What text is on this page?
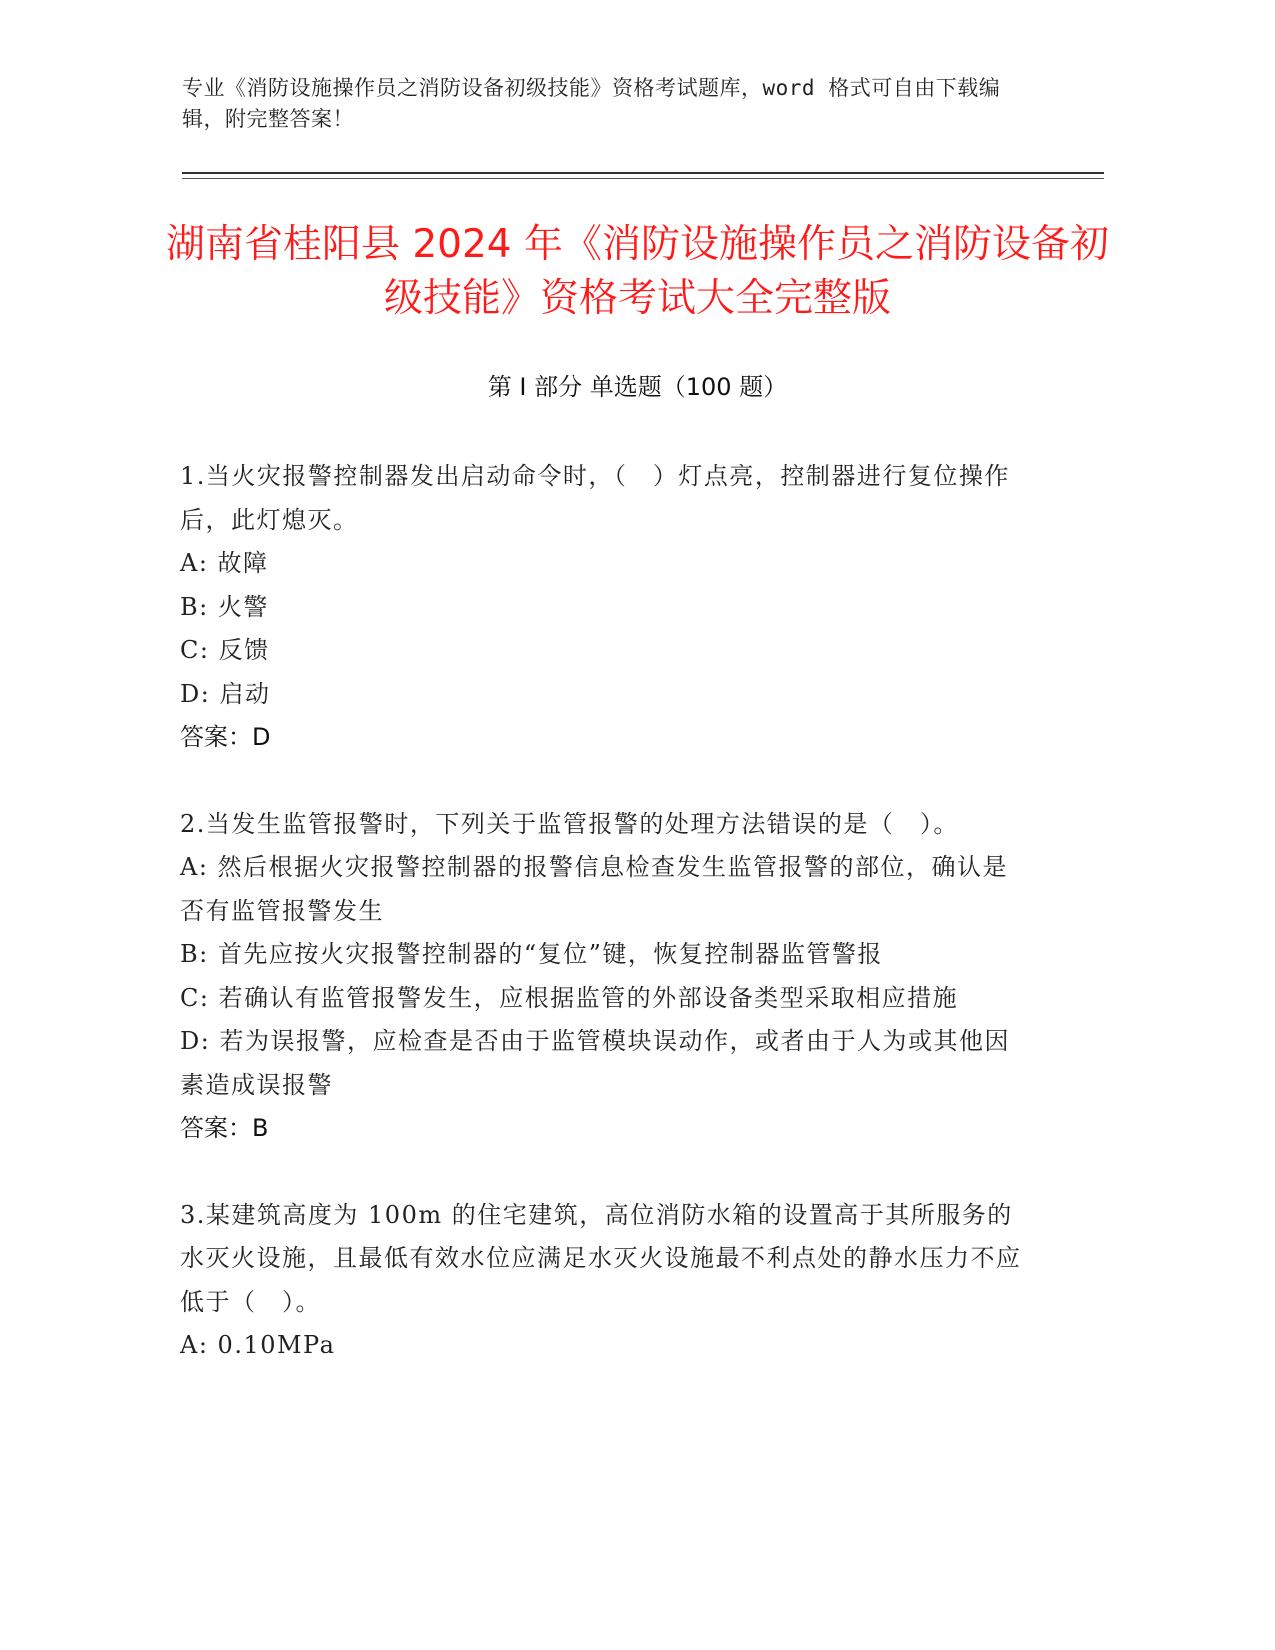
专业《消防设施操作员之消防设备初级技能》资格考试题库，word 格式可自由下载编辑，附完整答案！
湖南省桂阳县 2024 年《消防设施操作员之消防设备初级技能》资格考试大全完整版
第 I 部分 单选题（100 题）

1.当火灾报警控制器发出启动命令时，（　）灯点亮，控制器进行复位操作后，此灯熄灭。

A: 故障

B: 火警

C: 反馈

D: 启动

答案：D

2.当发生监管报警时，下列关于监管报警的处理方法错误的是（　）。

A: 然后根据火灾报警控制器的报警信息检查发生监管报警的部位，确认是否有监管报警发生

B: 首先应按火灾报警控制器的“复位”键，恢复控制器监管警报

C: 若确认有监管报警发生，应根据监管的外部设备类型采取相应措施

D: 若为误报警，应检查是否由于监管模块误动作，或者由于人为或其他因素造成误报警

答案：B

3.某建筑高度为 100m 的住宅建筑，高位消防水箱的设置高于其所服务的水灭火设施，且最低有效水位应满足水灭火设施最不利点处的静水压力不应低于（　）。

A: 0.10MPa
